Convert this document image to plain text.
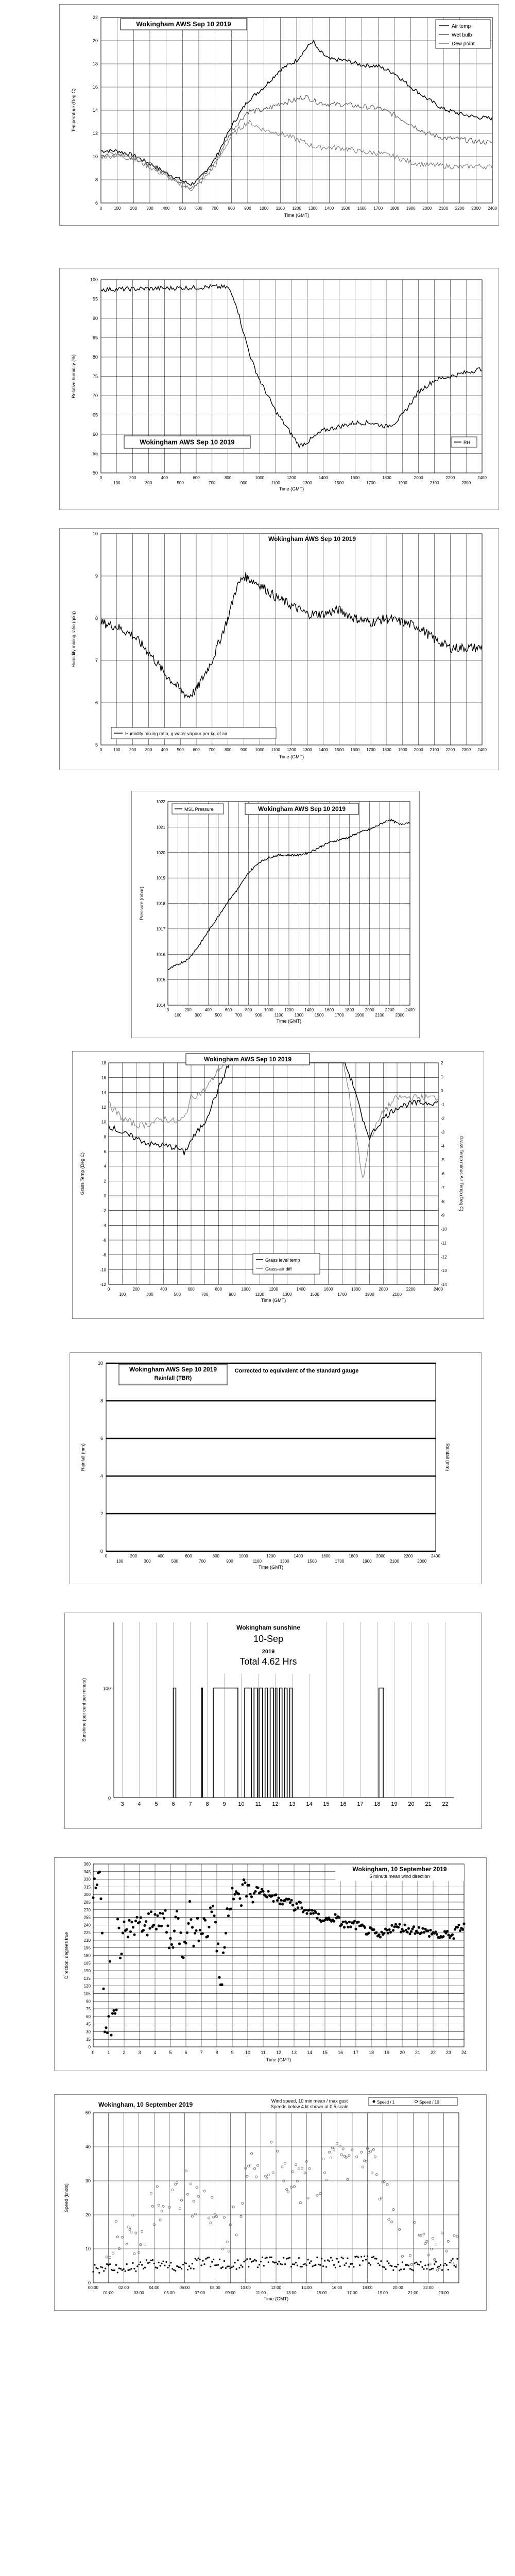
0	100 200 300 400 500 600 700 800 900 1000 1100 1200 1300 1400 1500 1600 1700 1800 1900 2000 2100 2200 2300 2400
6
8
10
12
14
16
18
20
22
Time (GMT)
Temperature (Deg C)
Wokingham AWS Sep 10 2019	Air temp
Wet bulb
Dew point
0	200	400	600	800	1000	1200	1400	1600	1800	2000	2200	2400
100	300	500	700	900	1100	1300	1500	1700	1900	2100	2300
50
55
60
65
70
75
80
85
90
95
100
Time (GMT)
Relative humidity (%)
Wokingham AWS Sep 10 2019	RH
0	100 200 300 400 500 600 700 800 900 1000 1100 1200 1300 1400 1500 1600 1700 1800 1900 2000 2100 2200 2300 2400
5
6
7
8
9
10
Time (GMT)
Humidity mixing ratio (g/kg)
Wokingham AWS Sep 10 2019
Humidity mixing ratio, g water vapour per kg of air
0	200	400	600	800	1000	1200	1400	1600	1800	2000	2200	2400
100	300	500	700	900	1100	1300	1500	1700	1900	2100	2300
1014
1015
1016
1017
1018
1019
1020
1021
1022
Time (GMT)
Pressure (mbar)
MSL Pressure	Wokingham AWS Sep 10 2019
0	200	400	600	800	1000	1200	1400	1600	1800	2000	2200	2400
100	300	500	700	900	1100	1300	1500	1700	1900	2100
-12
-10
-8
-6
-4
-2
0
2
4
6
8
10
12
14
16
18
-14
-13
-12
-11
-10
-9
-8
-7
-6
-5
-4
-3
-2
-1
0
1
2
Time (GMT)
Grass Temp (Deg C)	Grass Temp minus Air Temp (Deg C)
Wokingham AWS Sep 10 2019
Grass level temp
Grass-air diff
0	200	400	600	800	1000	1200	1400	1600	1800	2000	2200	2400
100	300	500	700	900	1100	1300	1500	1700	1900	2100	2300
0
2
4
6
8
10
Time (GMT)
Rainfall (mm)	Rainfall (mm)
Wokingham AWS Sep 10 2019
Rainfall (TBR)
Corrected to equivalent of the standard gauge
3 4 5 6 7 8 9 10 11 12 13 14 15 16 17 18 19 20 21 22
0
100
Sunshine (per cent per minute)
Wokingham sunshine
10-Sep
2019
Total 4.62 Hrs
0	1	2	3	4	5	6	7	8	9 10 11 12 13 14 15 16 17 18 19 20 21 22 23 24
0
15
30
45
60
75
90
105
120
135
150
165
180
195
210
225
240
255
270
285
300
315
330
345
360
Time (GMT)
Direction, degrees true
Wokingham, 10 September 2019
5 minute mean wind direction
00:00	02:00	04:00	06:00	08:00	10:00	12:00	14:00	16:00	18:00	20:00	22:00
01:00	03:00	05:00	07:00	09:00	11:00	13:00	15:00	17:00	19:00	21:00	23:00
0
10
20
30
40
50
Time (GMT)
Speed (knots)
Wokingham, 10 September 2019	Wind speed, 10 min mean / max gust
Speeds below 4 kt shown at 0.5 scale
Speed / 1	Speed / 10
